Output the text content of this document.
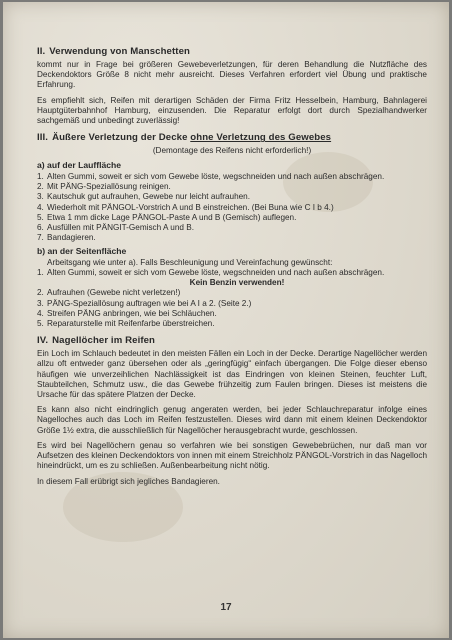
II. Verwendung von Manschetten

kommt nur in Frage bei größeren Gewebeverletzungen, für deren Behandlung die Nutzfläche des Deckendoktors Größe 8 nicht mehr ausreicht. Dieses Verfahren erfordert viel Übung und praktische Erfahrung.

Es empfiehlt sich, Reifen mit derartigen Schäden der Firma Fritz Hesselbein, Hamburg, Bahnlagerei Hauptgüterbahnhof Hamburg, einzusenden. Die Reparatur erfolgt dort durch Spezialhandwerker sachgemäß und unbedingt zuverlässig!

III. Äußere Verletzung der Decke ohne Verletzung des Gewebes
(Demontage des Reifens nicht erforderlich!)
a) auf der Lauffläche
1. Alten Gummi, soweit er sich vom Gewebe löste, wegschneiden und nach außen abschrägen.
2. Mit PÄNG-Speziallösung reinigen.
3. Kautschuk gut aufrauhen, Gewebe nur leicht aufrauhen.
4. Wiederholt mit PÄNGOL-Vorstrich A und B einstreichen. (Bei Buna wie C I b 4.)
5. Etwa 1 mm dicke Lage PÄNGOL-Paste A und B (Gemisch) auflegen.
6. Ausfüllen mit PÄNGIT-Gemisch A und B.
7. Bandagieren.
b) an der Seitenfläche
Arbeitsgang wie unter a). Falls Beschleunigung und Vereinfachung gewünscht:
1. Alten Gummi, soweit er sich vom Gewebe löste, wegschneiden und nach außen abschrägen.
Kein Benzin verwenden!
2. Aufrauhen (Gewebe nicht verletzen!)
3. PÄNG-Speziallösung auftragen wie bei A I a 2. (Seite 2.)
4. Streifen PÄNG anbringen, wie bei Schläuchen.
5. Reparaturstelle mit Reifenfarbe überstreichen.
IV. Nagellöcher im Reifen

Ein Loch im Schlauch bedeutet in den meisten Fällen ein Loch in der Decke. Derartige Nagellöcher werden allzu oft entweder ganz übersehen oder als „geringfügig“ einfach übergangen. Die Folge dieser ebenso häufigen wie unverzeihlichen Nachlässigkeit ist das Eindringen von kleinen Steinen, feuchter Luft, Staubteilchen, Schmutz usw., die das Gewebe frühzeitig zum Faulen bringen. Dieses ist meistens die Ursache für das spätere Platzen der Decke.

Es kann also nicht eindringlich genug angeraten werden, bei jeder Schlauchreparatur infolge eines Nagelloches auch das Loch im Reifen festzustellen. Dieses wird dann mit einem kleinen Deckendoktor Größe 1½ extra, die ausschließlich für Nagellöcher herausgebracht wurde, geschlossen.

Es wird bei Nagellöchern genau so verfahren wie bei sonstigen Gewebebrüchen, nur daß man vor Aufsetzen des kleinen Deckendoktors von innen mit einem Streichholz PÄNGOL-Vorstrich in das Nagelloch hineindrückt, um es zu schließen. Außenbearbeitung nicht nötig.

In diesem Fall erübrigt sich jegliches Bandagieren.

17
